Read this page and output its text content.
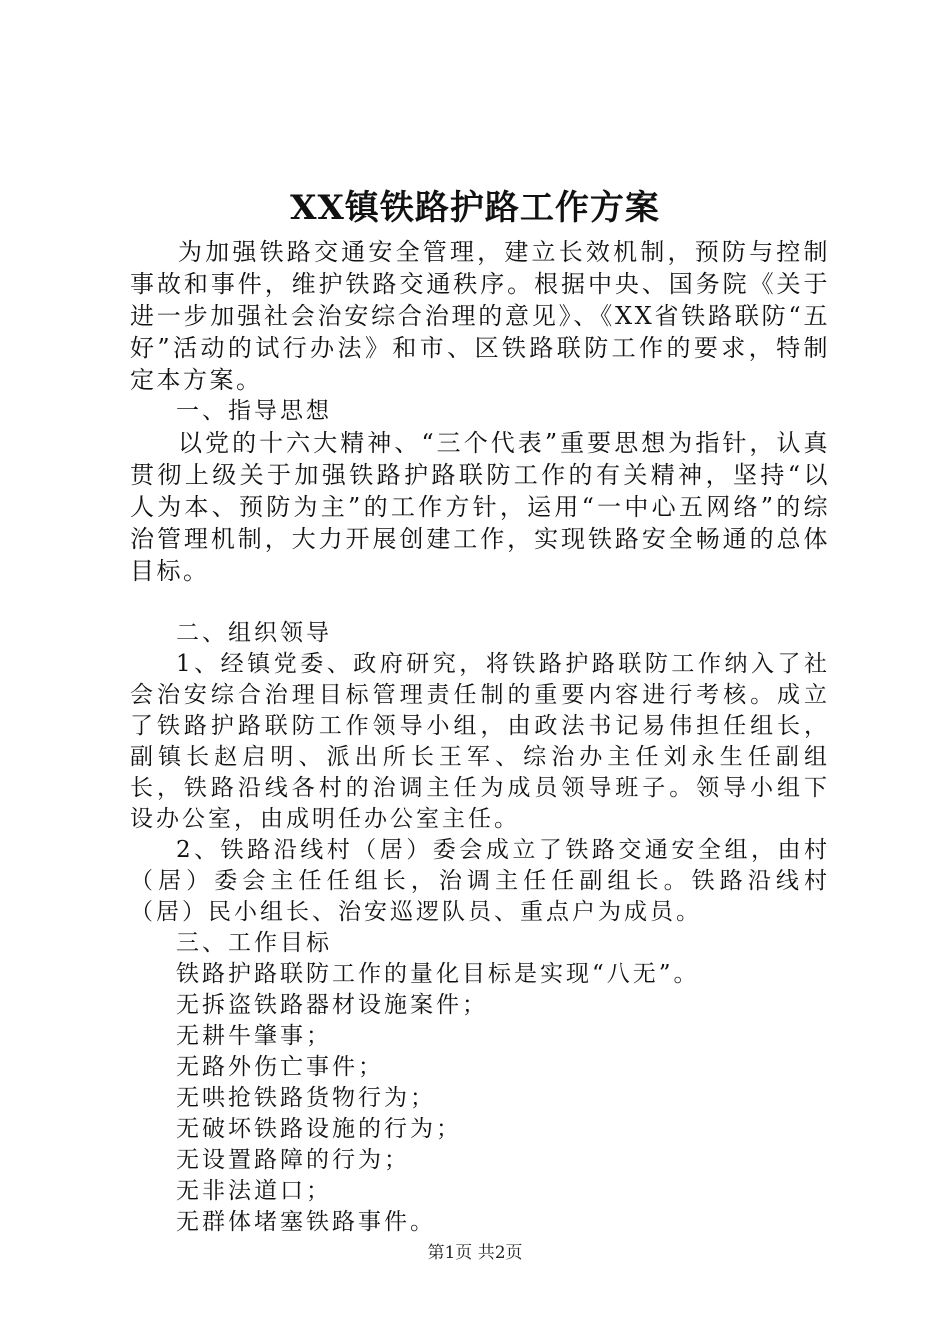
XX镇铁路护路工作方案

为加强铁路交通安全管理，建立长效机制，预防与控制事故和事件，维护铁路交通秩序。根据中央、国务院《关于进一步加强社会治安综合治理的意见》、《XX省铁路联防“五好”活动的试行办法》和市、区铁路联防工作的要求，特制定本方案。

一、指导思想

以党的十六大精神、“三个代表”重要思想为指针，认真贯彻上级关于加强铁路护路联防工作的有关精神，坚持“以人为本、预防为主”的工作方针，运用“一中心五网络”的综治管理机制，大力开展创建工作，实现铁路安全畅通的总体目标。

二、组织领导

1、经镇党委、政府研究，将铁路护路联防工作纳入了社会治安综合治理目标管理责任制的重要内容进行考核。成立了铁路护路联防工作领导小组，由政法书记易伟担任组长，副镇长赵启明、派出所长王军、综治办主任刘永生任副组长，铁路沿线各村的治调主任为成员领导班子。领导小组下设办公室，由成明任办公室主任。

2、铁路沿线村（居）委会成立了铁路交通安全组，由村（居）委会主任任组长，治调主任任副组长。铁路沿线村（居）民小组长、治安巡逻队员、重点户为成员。

三、工作目标

铁路护路联防工作的量化目标是实现“八无”。

无拆盗铁路器材设施案件；
无耕牛肇事；
无路外伤亡事件；
无哄抢铁路货物行为；
无破坏铁路设施的行为；
无设置路障的行为；
无非法道口；
无群体堵塞铁路事件。
第1页 共2页
